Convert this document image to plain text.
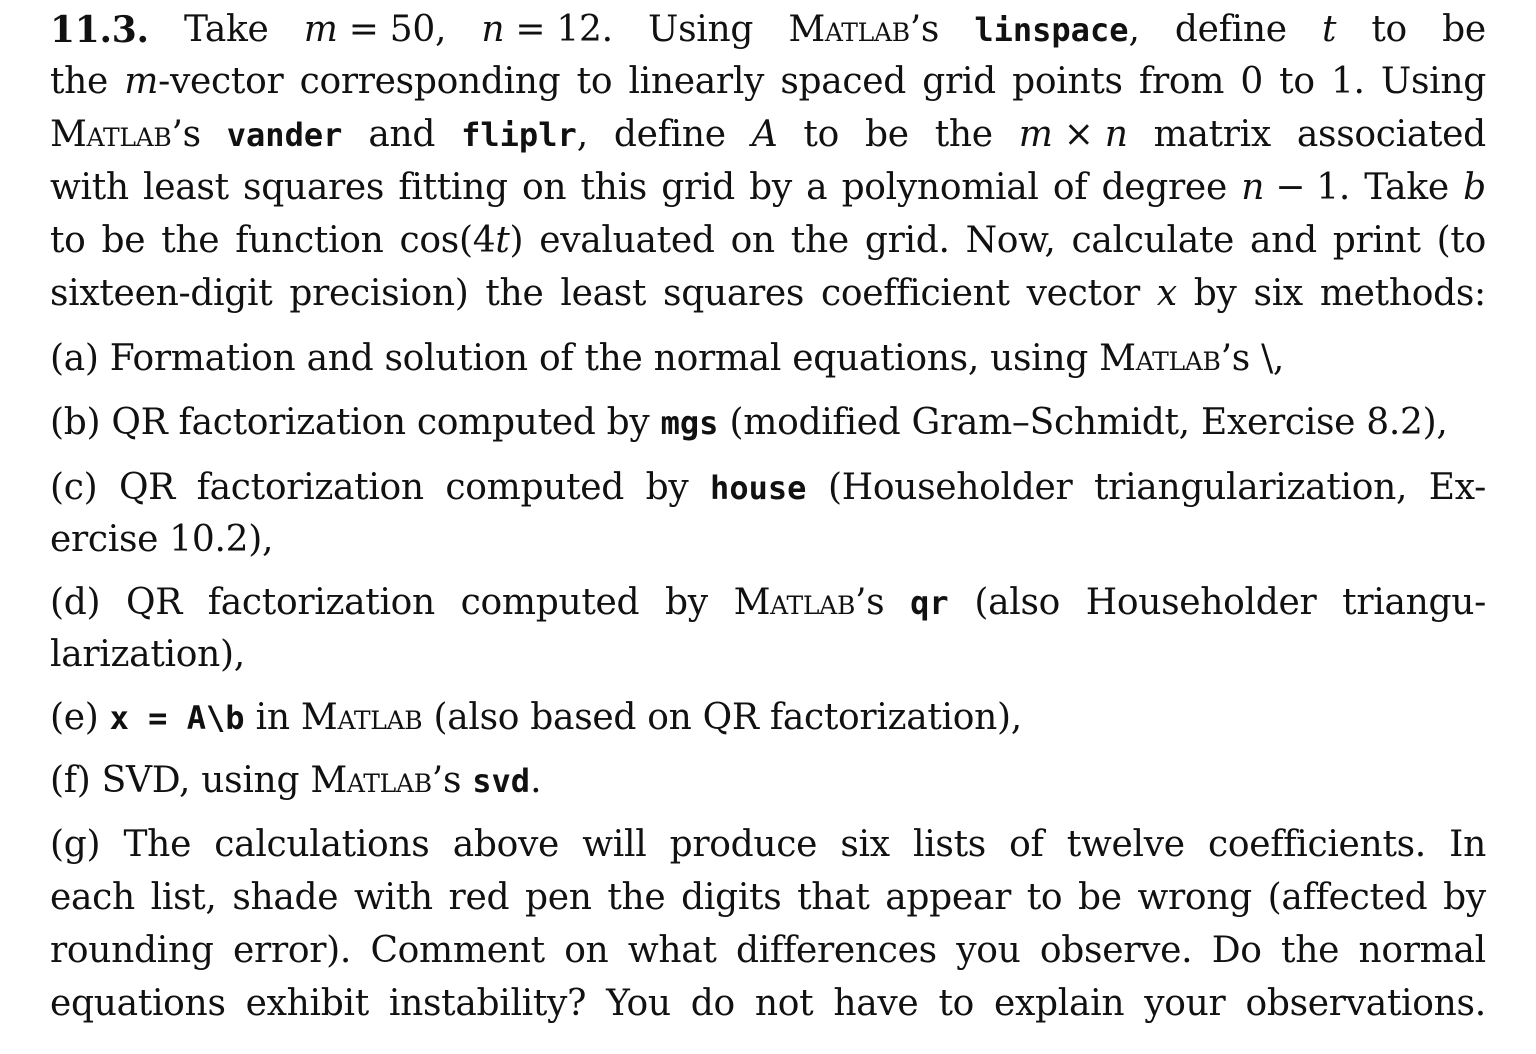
11.3. Take m = 50, n = 12. Using Matlab’s linspace, define t to be
the m-vector corresponding to linearly spaced grid points from 0 to 1. Using
Matlab’s vander and fliplr, define A to be the m × n matrix associated
with least squares fitting on this grid by a polynomial of degree n − 1. Take b
to be the function cos(4t) evaluated on the grid. Now, calculate and print (to
sixteen-digit precision) the least squares coefficient vector x by six methods:
(a) Formation and solution of the normal equations, using Matlab’s \,
(b) QR factorization computed by mgs (modified Gram–Schmidt, Exercise 8.2),
(c) QR factorization computed by house (Householder triangularization, Ex-
ercise 10.2),
(d) QR factorization computed by Matlab’s qr (also Householder triangu-
larization),
(e) x = A\b in Matlab (also based on QR factorization),
(f) SVD, using Matlab’s svd.
(g) The calculations above will produce six lists of twelve coefficients. In
each list, shade with red pen the digits that appear to be wrong (affected by
rounding error). Comment on what differences you observe. Do the normal
equations exhibit instability? You do not have to explain your observations.
